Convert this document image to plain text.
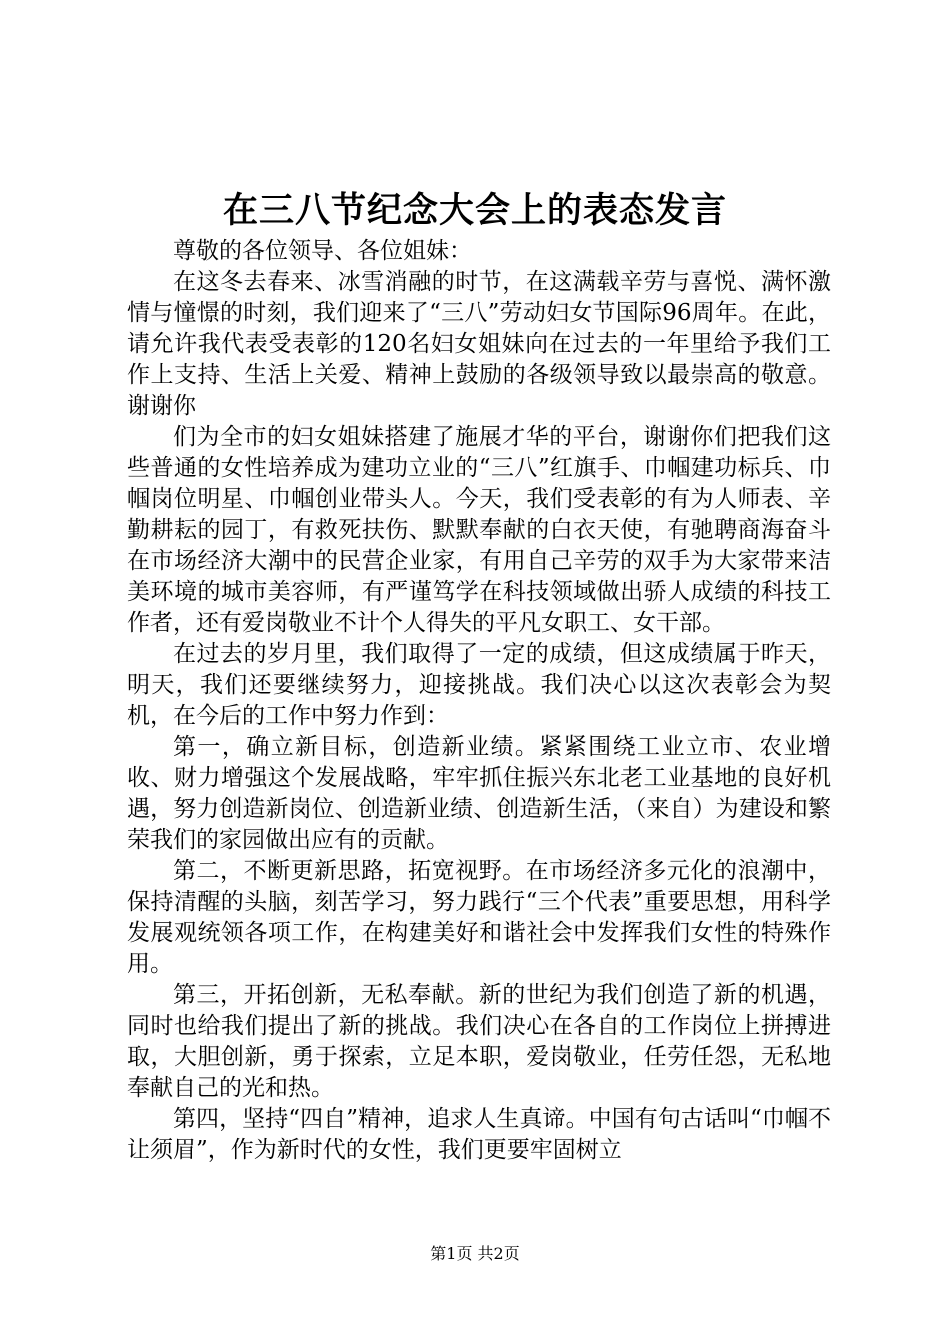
在三八节纪念大会上的表态发言

尊敬的各位领导、各位姐妹：

在这冬去春来、冰雪消融的时节，在这满载辛劳与喜悦、满怀激情与憧憬的时刻，我们迎来了“三八”劳动妇女节国际96周年。在此，请允许我代表受表彰的120名妇女姐妹向在过去的一年里给予我们工作上支持、生活上关爱、精神上鼓励的各级领导致以最崇高的敬意。谢谢你

们为全市的妇女姐妹搭建了施展才华的平台，谢谢你们把我们这些普通的女性培养成为建功立业的“三八”红旗手、巾帼建功标兵、巾帼岗位明星、巾帼创业带头人。今天，我们受表彰的有为人师表、辛勤耕耘的园丁，有救死扶伤、默默奉献的白衣天使，有驰聘商海奋斗在市场经济大潮中的民营企业家，有用自己辛劳的双手为大家带来洁美环境的城市美容师，有严谨笃学在科技领域做出骄人成绩的科技工作者，还有爱岗敬业不计个人得失的平凡女职工、女干部。

在过去的岁月里，我们取得了一定的成绩，但这成绩属于昨天，明天，我们还要继续努力，迎接挑战。我们决心以这次表彰会为契机，在今后的工作中努力作到：

第一，确立新目标，创造新业绩。紧紧围绕工业立市、农业增收、财力增强这个发展战略，牢牢抓住振兴东北老工业基地的良好机遇，努力创造新岗位、创造新业绩、创造新生活，（来自）为建设和繁荣我们的家园做出应有的贡献。

第二，不断更新思路，拓宽视野。在市场经济多元化的浪潮中，保持清醒的头脑，刻苦学习，努力践行“三个代表”重要思想，用科学发展观统领各项工作，在构建美好和谐社会中发挥我们女性的特殊作用。

第三，开拓创新，无私奉献。新的世纪为我们创造了新的机遇，同时也给我们提出了新的挑战。我们决心在各自的工作岗位上拼搏进取，大胆创新，勇于探索，立足本职，爱岗敬业，任劳任怨，无私地奉献自己的光和热。

第四，坚持“四自”精神，追求人生真谛。中国有句古话叫“巾帼不让须眉”，作为新时代的女性，我们更要牢固树立

第1页 共2页
